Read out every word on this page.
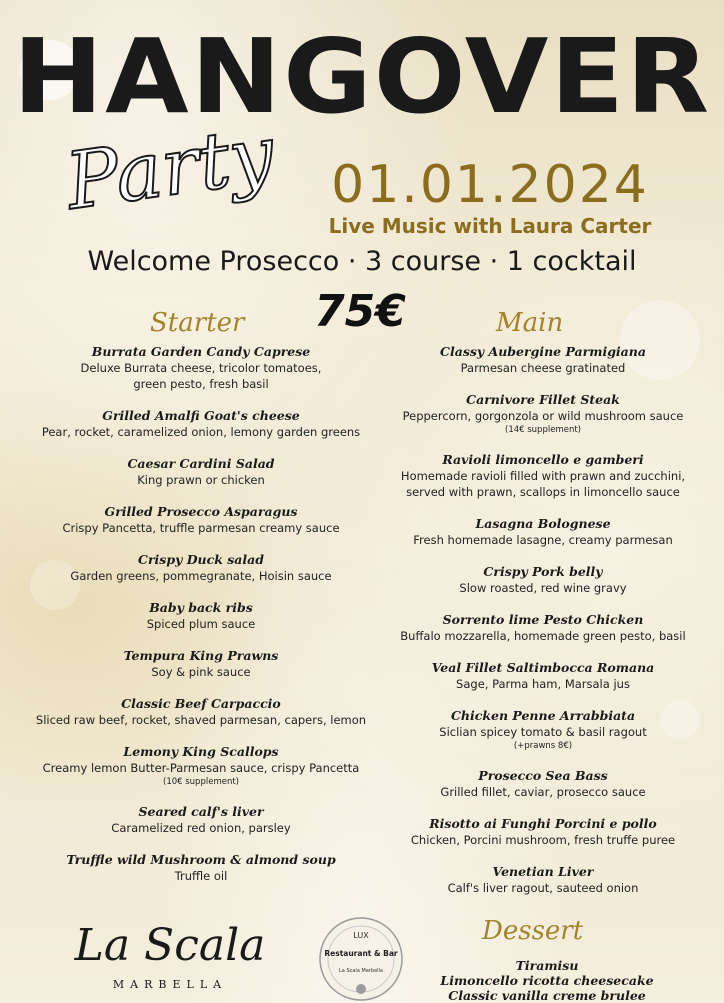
HANGOVER
Party 01.01.2024
Live Music with Laura Carter
Welcome Prosecco · 3 course · 1 cocktail
75€
Starter	Main
Burrata Garden Candy Caprese
Deluxe Burrata cheese, tricolor tomatoes,
green pesto, fresh basil
Grilled Amalfi Goat's cheese
Pear, rocket, caramelized onion, lemony garden greens
Caesar Cardini Salad
King prawn or chicken
Grilled Prosecco Asparagus
Crispy Pancetta, truffle parmesan creamy sauce
Crispy Duck salad
Garden greens, pommegranate, Hoisin sauce
Baby back ribs
Spiced plum sauce
Tempura King Prawns
Soy & pink sauce
Classic Beef Carpaccio
Sliced raw beef, rocket, shaved parmesan, capers, lemon
Lemony King Scallops
Creamy lemon Butter-Parmesan sauce, crispy Pancetta
(10€ supplement)
Seared calf's liver
Caramelized red onion, parsley
Truffle wild Mushroom & almond soup
Truffle oil
Classy Aubergine Parmigiana
Parmesan cheese gratinated
Carnivore Fillet Steak
Peppercorn, gorgonzola or wild mushroom sauce
(14€ supplement)
Ravioli limoncello e gamberi
Homemade ravioli filled with prawn and zucchini,
served with prawn, scallops in limoncello sauce
Lasagna Bolognese
Fresh homemade lasagne, creamy parmesan
Crispy Pork belly
Slow roasted, red wine gravy
Sorrento lime Pesto Chicken
Buffalo mozzarella, homemade green pesto, basil
Veal Fillet Saltimbocca Romana
Sage, Parma ham, Marsala jus
Chicken Penne Arrabbiata
Siclian spicey tomato & basil ragout
(+prawns 8€)
Prosecco Sea Bass
Grilled fillet, caviar, prosecco sauce
Risotto ai Funghi Porcini e pollo
Chicken, Porcini mushroom, fresh truffe puree
Venetian Liver
Calf's liver ragout, sauteed onion
La Scala
MARBELLA
LUX
Restaurant & Bar
La Scala Marbella
Dessert
Tiramisu
Limoncello ricotta cheesecake
Classic vanilla creme brulee
